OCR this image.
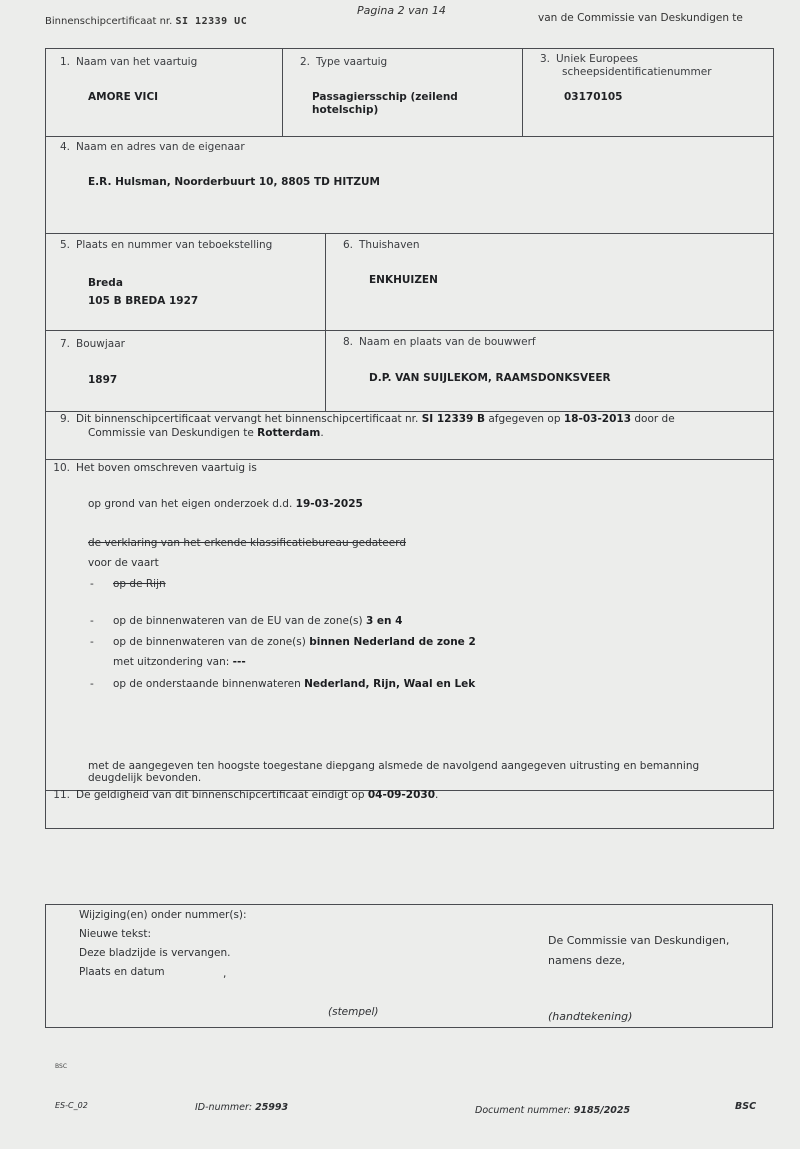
Binnenschipcertificaat nr. SI 12339 UC
Pagina 2 van 14
van de Commissie van Deskundigen te
1. Naam van het vaartuig
AMORE VICI
2. Type vaartuig
Passagiersschip (zeilend
hotelschip)
3. Uniek Europees
scheepsidentificatienummer
03170105
4. Naam en adres van de eigenaar
E.R. Hulsman, Noorderbuurt 10, 8805 TD HITZUM
5. Plaats en nummer van teboekstelling
Breda
105 B BREDA 1927
6. Thuishaven
ENKHUIZEN
7. Bouwjaar
1897
8. Naam en plaats van de bouwwerf
D.P. VAN SUIJLEKOM, RAAMSDONKSVEER
9. Dit binnenschipcertificaat vervangt het binnenschipcertificaat nr. SI 12339 B afgegeven op 18-03-2013 door de
Commissie van Deskundigen te Rotterdam.
10. Het boven omschreven vaartuig is
op grond van het eigen onderzoek d.d. 19-03-2025
de verklaring van het erkende klassificatiebureau gedateerd
voor de vaart
- op de Rijn
- op de binnenwateren van de EU van de zone(s) 3 en 4
- op de binnenwateren van de zone(s) binnen Nederland de zone 2
met uitzondering van: ---
- op de onderstaande binnenwateren Nederland, Rijn, Waal en Lek
met de aangegeven ten hoogste toegestane diepgang alsmede de navolgend aangegeven uitrusting en bemanning
deugdelijk bevonden.
11. De geldigheid van dit binnenschipcertificaat eindigt op 04-09-2030.
Wijziging(en) onder nummer(s):
Nieuwe tekst:
Deze bladzijde is vervangen.
Plaats en datum	,
De Commissie van Deskundigen,
namens deze,
(stempel)	(handtekening)
BSC
ES-C_02	ID-nummer: 25993	Document nummer: 9185/2025	BSC
